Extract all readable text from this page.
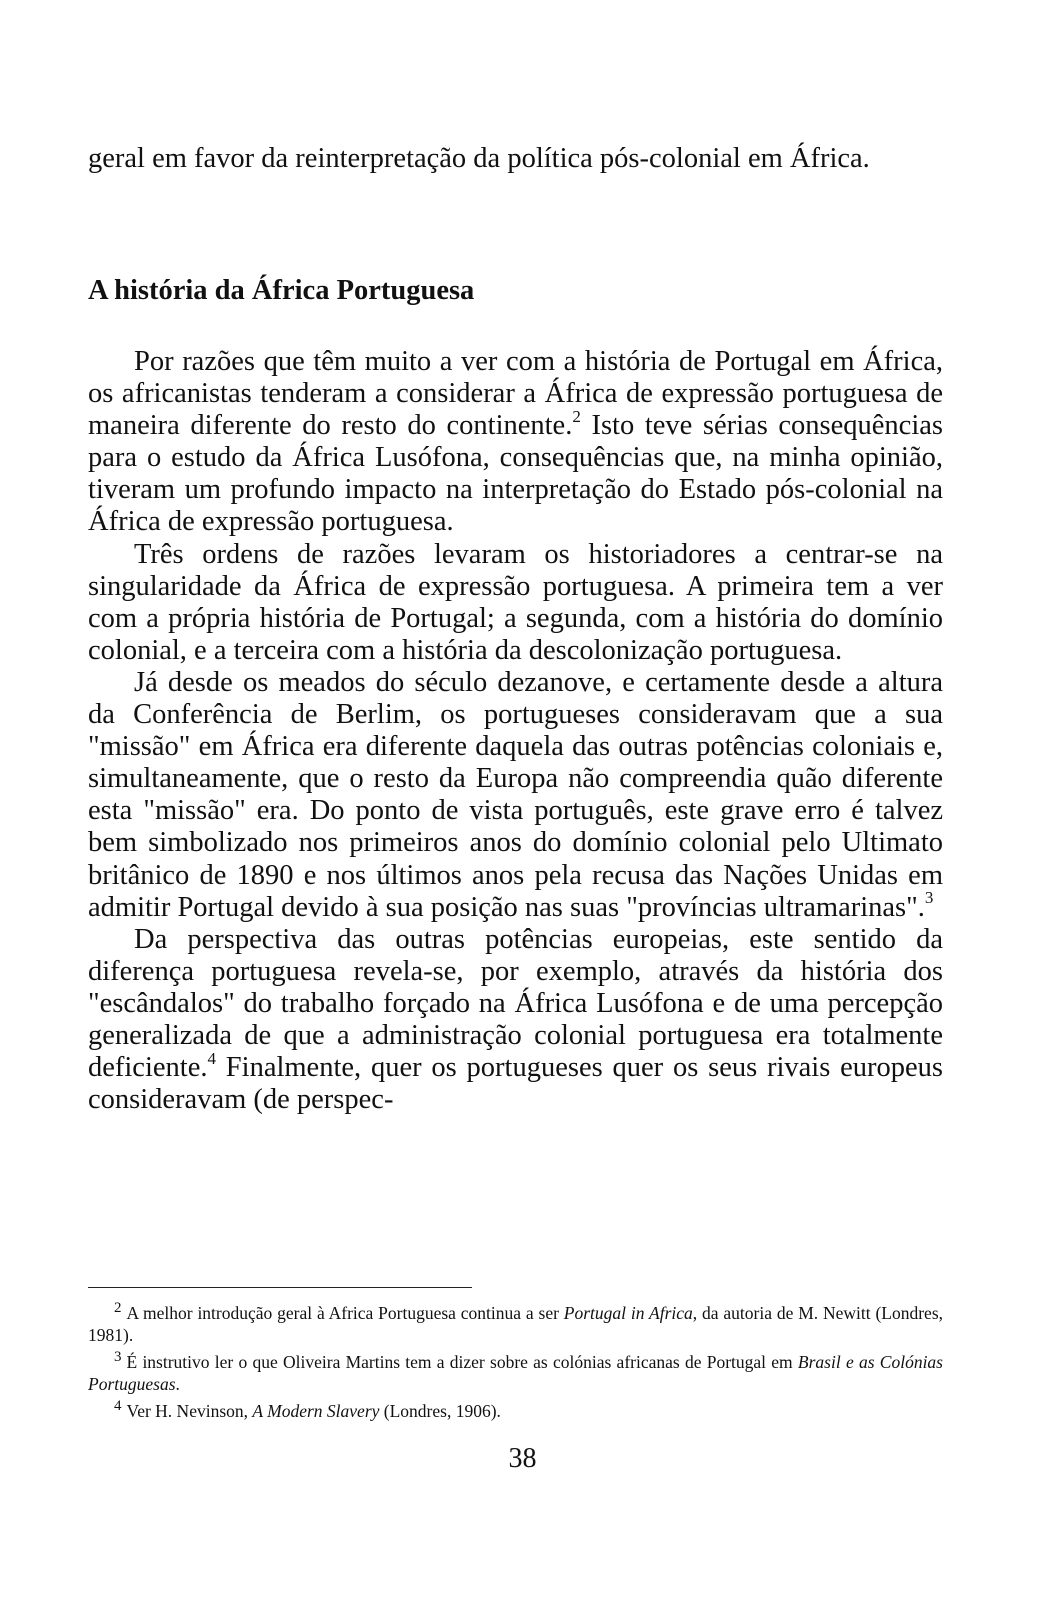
geral em favor da reinterpretação da política pós-colonial em África.

A história da África Portuguesa

Por razões que têm muito a ver com a história de Portugal em África, os africanistas tenderam a considerar a África de expressão portuguesa de maneira diferente do resto do continente.$^2$ Isto teve sérias consequências para o estudo da África Lusófona, consequências que, na minha opinião, tiveram um profundo impacto na interpretação do Estado pós-colonial na África de expressão portuguesa.

Três ordens de razões levaram os historiadores a centrar-se na singularidade da África de expressão portuguesa. A primeira tem a ver com a própria história de Portugal; a segunda, com a história do domínio colonial, e a terceira com a história da descolonização portuguesa.

Já desde os meados do século dezanove, e certamente desde a altura da Conferência de Berlim, os portugueses consideravam que a sua "missão" em África era diferente daquela das outras potências coloniais e, simultaneamente, que o resto da Europa não compreendia quão diferente esta "missão" era. Do ponto de vista português, este grave erro é talvez bem simbolizado nos primeiros anos do domínio colonial pelo Ultimato britânico de 1890 e nos últimos anos pela recusa das Nações Unidas em admitir Portugal devido à sua posição nas suas "províncias ultramarinas".$^3$

Da perspectiva das outras potências europeias, este sentido da diferença portuguesa revela-se, por exemplo, através da história dos "escândalos" do trabalho forçado na África Lusófona e de uma percepção generalizada de que a administração colonial portuguesa era totalmente deficiente.$^4$ Finalmente, quer os portugueses quer os seus rivais europeus consideravam (de perspec-

$^2$ A melhor introdução geral à Africa Portuguesa continua a ser Portugal in Africa, da autoria de M. Newitt (Londres, 1981).

$^3$ É instrutivo ler o que Oliveira Martins tem a dizer sobre as colónias africanas de Portugal em Brasil e as Colónias Portuguesas.

$^4$ Ver H. Nevinson, A Modern Slavery (Londres, 1906).

38
